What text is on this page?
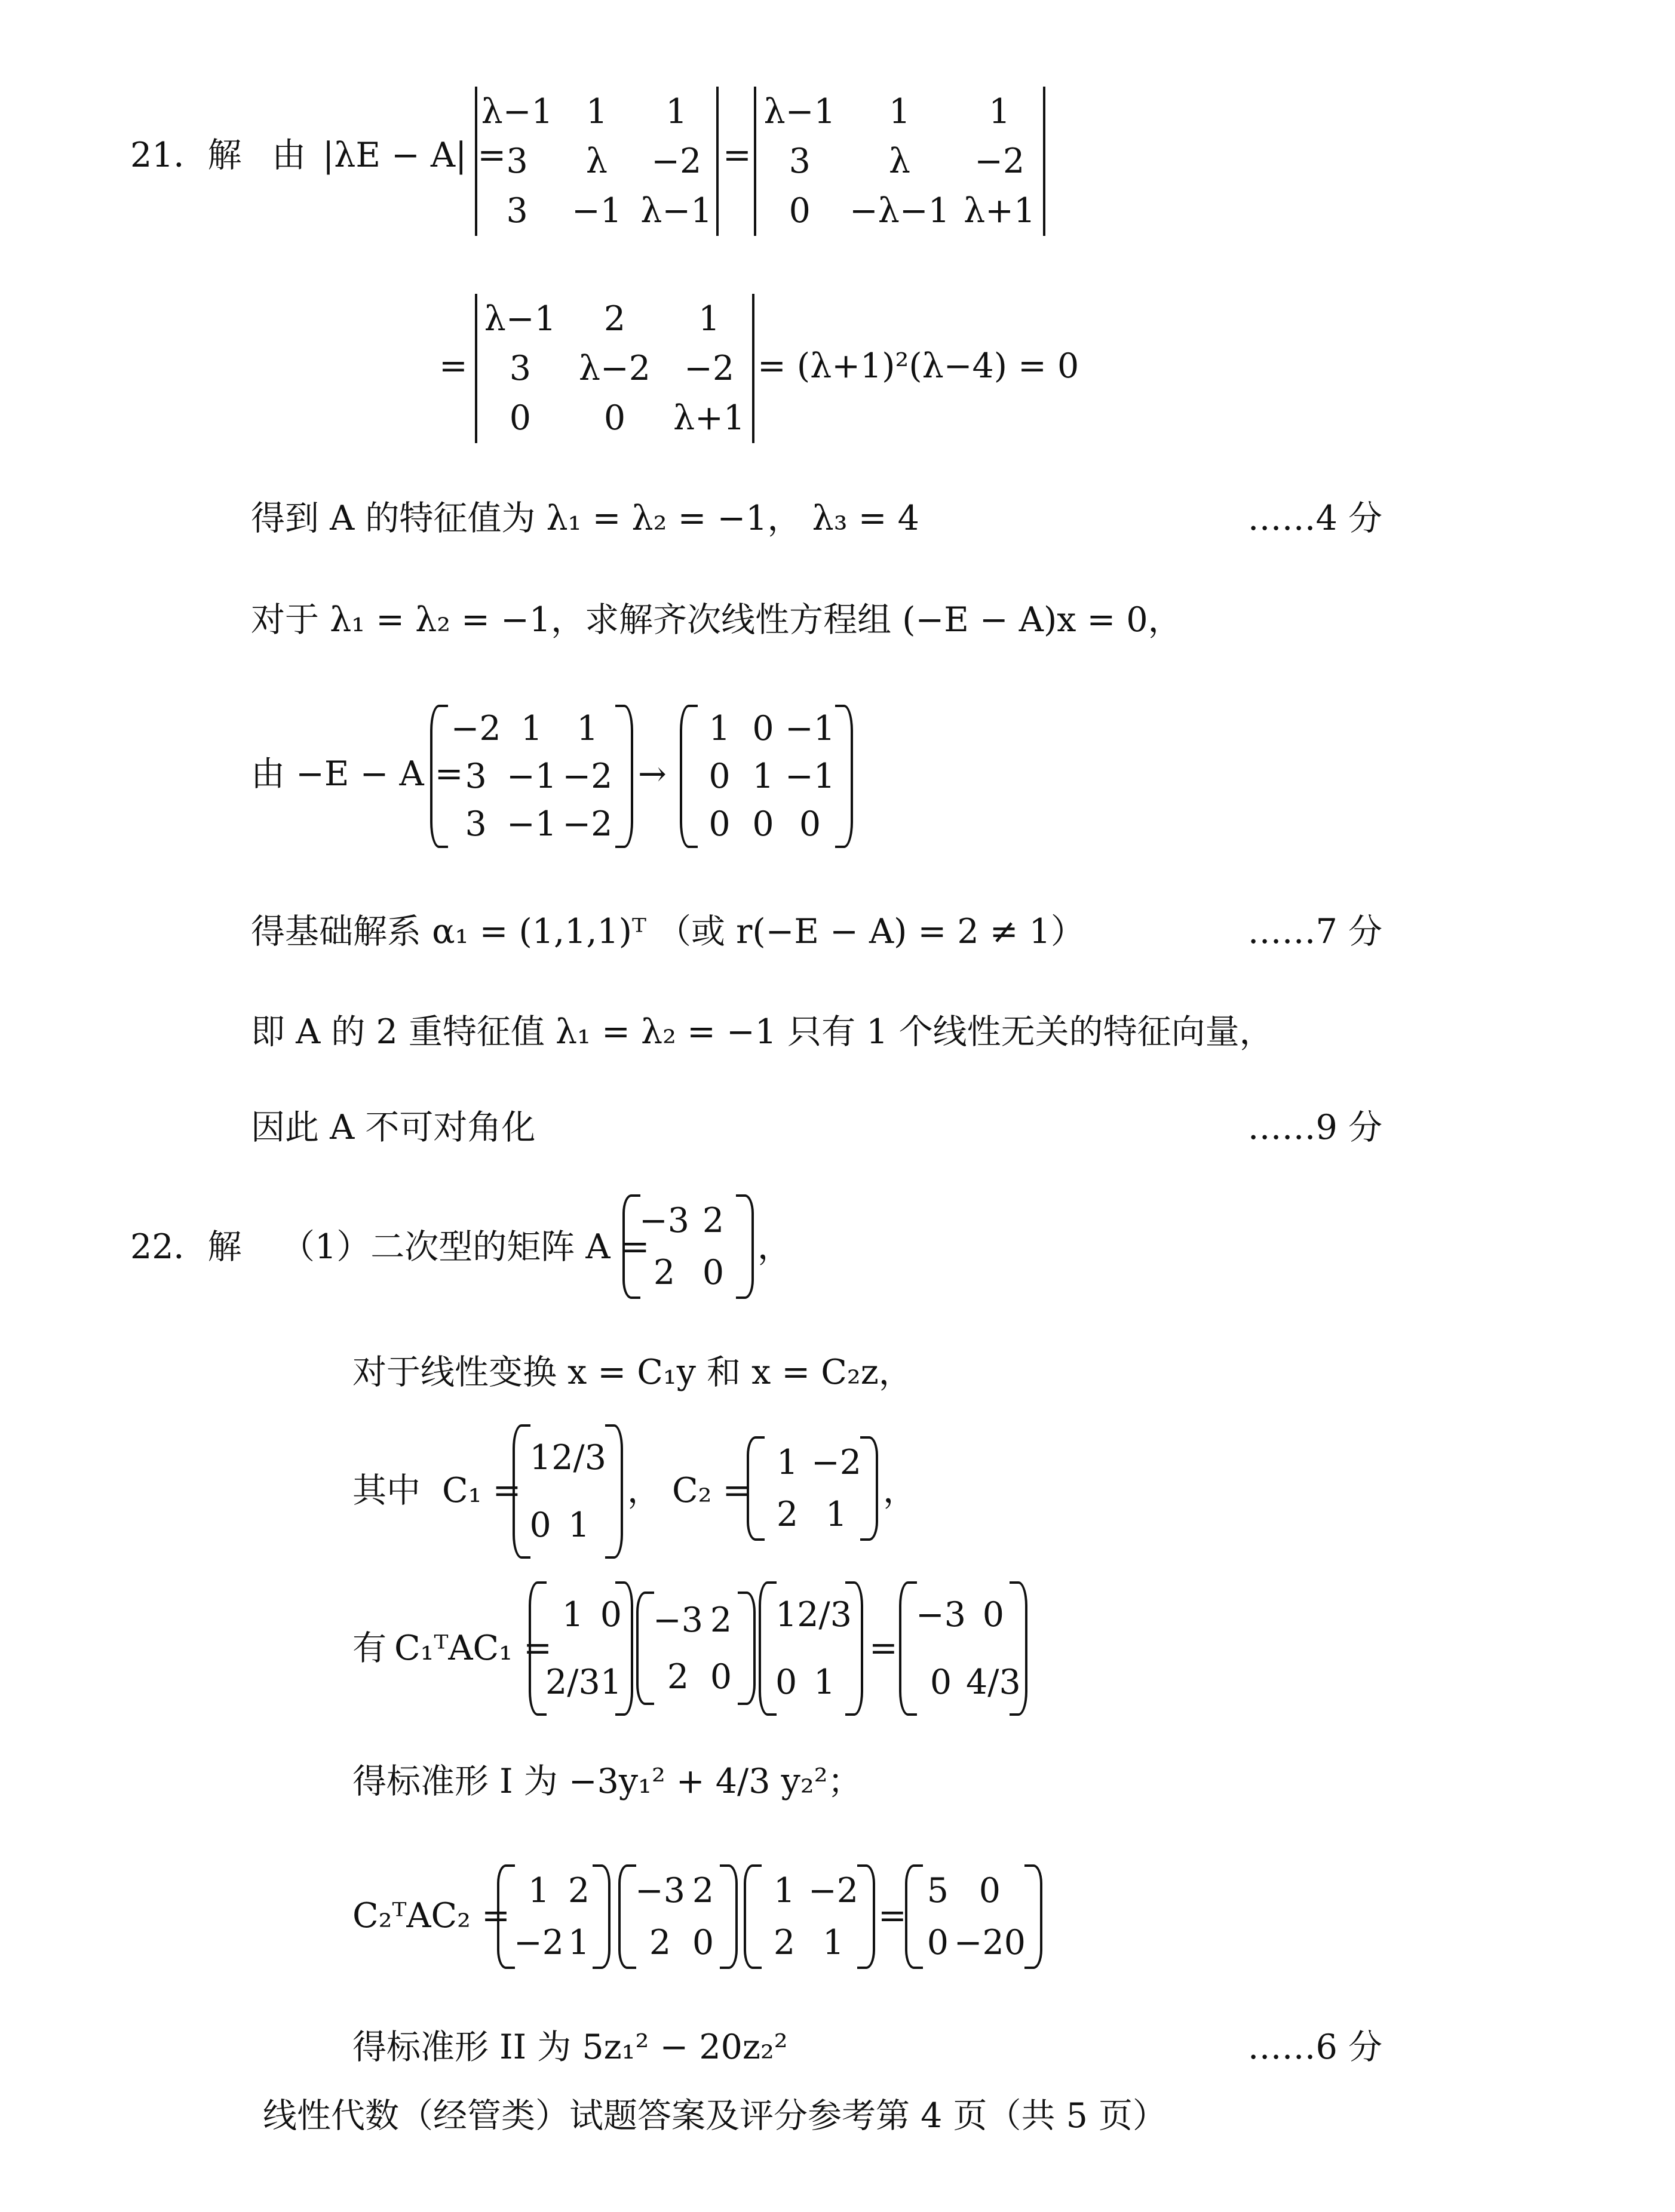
21．解 由 |λE − A| =
λ−1 1 1
3 λ −2
3 −1 λ−1
=
λ−1 1 1
3 λ −2
0 −λ−1 λ+1
=
λ−1 2 1
3 λ−2 −2
0 0 λ+1
= (λ+1)²(λ−4) = 0
得到 A 的特征值为 λ₁ = λ₂ = −1， λ₃ = 4	……4 分
对于 λ₁ = λ₂ = −1，求解齐次线性方程组 (−E − A)x = 0，
由 −E − A =
−2 1 1
3 −1 −2
3 −1 −2
→
1 0 −1
0 1 −1
0 0 0
得基础解系 α₁ = (1,1,1)ᵀ （或 r(−E − A) = 2 ≠ 1）	……7 分
即 A 的 2 重特征值 λ₁ = λ₂ = −1 只有 1 个线性无关的特征向量，
因此 A 不可对角化	……9 分
22．解 （1）二次型的矩阵 A =
−3 2
2 0
，
对于线性变换 x = C₁y 和 x = C₂z，
其中 C₁ =
1 2/3
0 1
， C₂ =
1 −2
2 1
，
有 C₁ᵀAC₁ =
1 0
2/3 1
−3 2
2 0
1 2/3
0 1
=
−3 0
0 4/3
得标准形 I 为 −3y₁² + 4/3 y₂²；
C₂ᵀAC₂ =
1 2
−2 1
−3 2
2 0
1 −2
2 1
=
5 0
0 −20
得标准形 II 为 5z₁² − 20z₂²	……6 分
线性代数（经管类）试题答案及评分参考第 4 页（共 5 页）
